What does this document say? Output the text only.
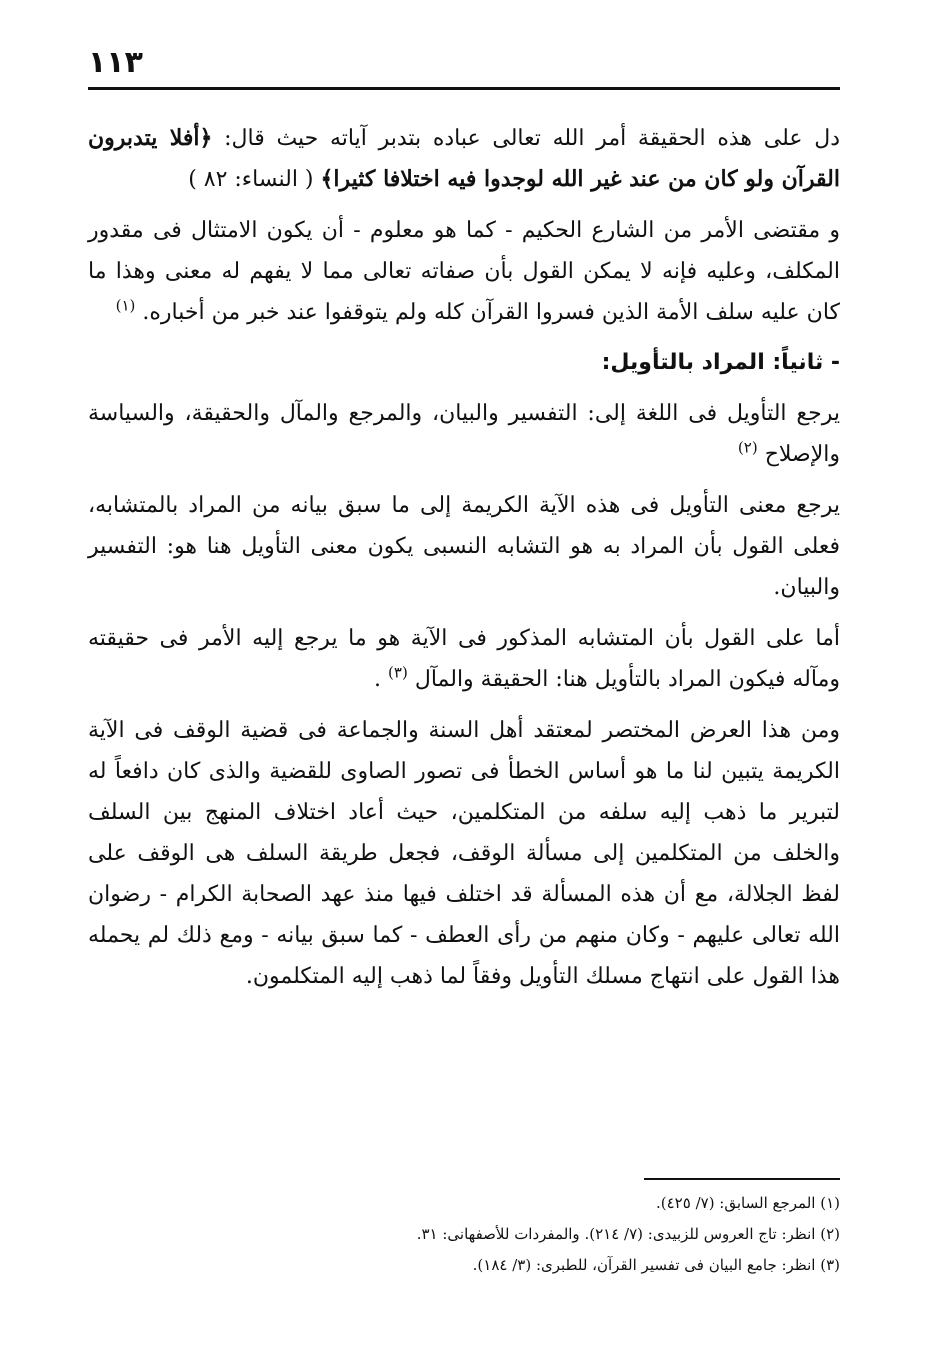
١١٣

دل على هذه الحقيقة أمر الله تعالى عباده بتدبر آياته حيث قال: ﴿أفلا يتدبرون القرآن ولو كان من عند غير الله لوجدوا فيه اختلافا كثيرا﴾ ( النساء: ٨٢ )

و مقتضى الأمر من الشارع الحكيم - كما هو معلوم - أن يكون الامتثال فى مقدور المكلف، وعليه فإنه لا يمكن القول بأن صفاته تعالى مما لا يفهم له معنى وهذا ما كان عليه سلف الأمة الذين فسروا القرآن كله ولم يتوقفوا عند خبر من أخباره. $^{(١)}$

- ثانياً: المراد بالتأويل:

يرجع التأويل فى اللغة إلى: التفسير والبيان، والمرجع والمآل والحقيقة، والسياسة والإصلاح $^{(٢)}$

يرجع معنى التأويل فى هذه الآية الكريمة إلى ما سبق بيانه من المراد بالمتشابه، فعلى القول بأن المراد به هو التشابه النسبى يكون معنى التأويل هنا هو: التفسير والبيان.

أما على القول بأن المتشابه المذكور فى الآية هو ما يرجع إليه الأمر فى حقيقته ومآله فيكون المراد بالتأويل هنا: الحقيقة والمآل $^{(٣)}$ .

ومن هذا العرض المختصر لمعتقد أهل السنة والجماعة فى قضية الوقف فى الآية الكريمة يتبين لنا ما هو أساس الخطأ فى تصور الصاوى للقضية والذى كان دافعاً له لتبرير ما ذهب إليه سلفه من المتكلمين، حيث أعاد اختلاف المنهج بين السلف والخلف من المتكلمين إلى مسألة الوقف، فجعل طريقة السلف هى الوقف على لفظ الجلالة، مع أن هذه المسألة قد اختلف فيها منذ عهد الصحابة الكرام - رضوان الله تعالى عليهم - وكان منهم من رأى العطف - كما سبق بيانه - ومع ذلك لم يحمله هذا القول على انتهاج مسلك التأويل وفقاً لما ذهب إليه المتكلمون.

(١) المرجع السابق: (٧/ ٤٢٥).

(٢) انظر: تاج العروس للزبيدى: (٧/ ٢١٤). والمفردات للأصفهانى: ٣١.

(٣) انظر: جامع البيان فى تفسير القرآن، للطبرى: (٣/ ١٨٤).
